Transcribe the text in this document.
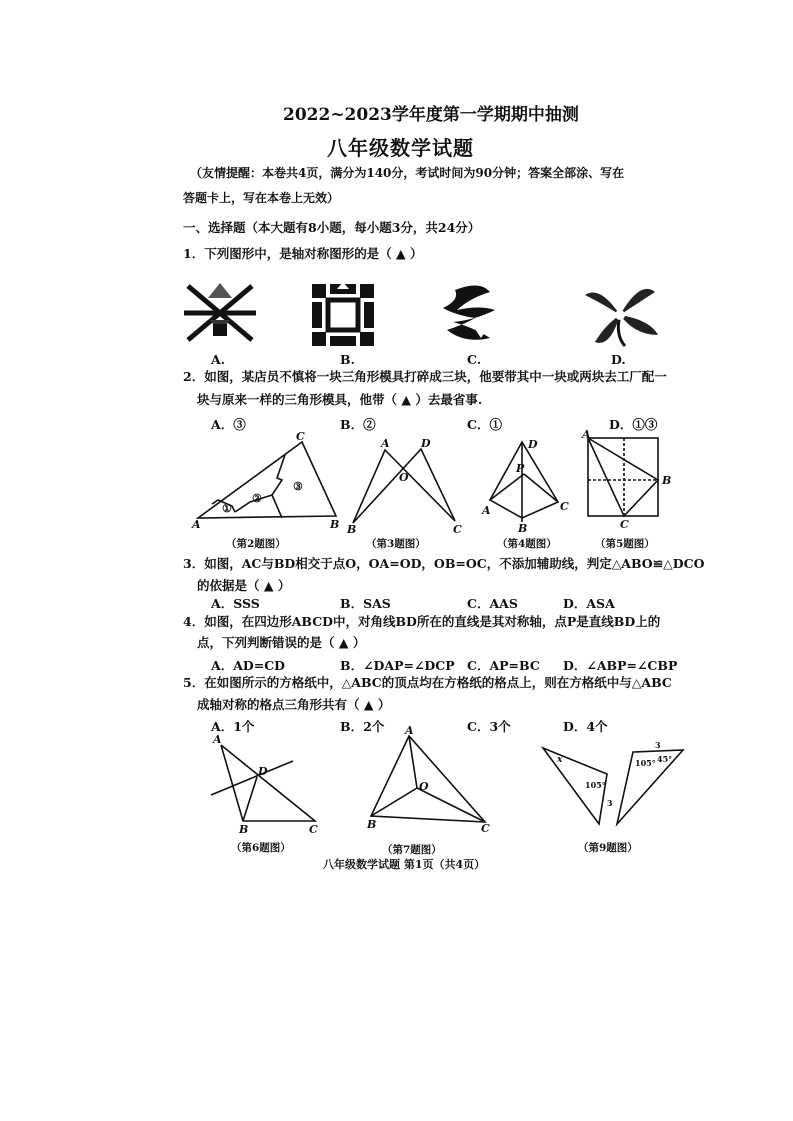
2022~2023学年度第一学期期中抽测
八年级数学试题
（友情提醒：本卷共4页，满分为140分，考试时间为90分钟；答案全部涂、写在
答题卡上，写在本卷上无效）
一、选择题（本大题有8小题，每小题3分，共24分）
1．下列图形中，是轴对称图形的是（ ▲ ）
A.	B.	C.	D.
2．如图，某店员不慎将一块三角形模具打碎成三块，他要带其中一块或两块去工厂配一
块与原来一样的三角形模具，他带（ ▲ ）去最省事.
A．③	B．②	C．①	D．①③
C
A	B
①
②
③
A	D
O
B	C
D
P
A	C
B
A
B
C
（第2题图）	（第3题图）	（第4题图）	（第5题图）
3．如图，AC与BD相交于点O，OA=OD，OB=OC，不添加辅助线，判定△ABO≌△DCO
的依据是（ ▲ ）
A．SSS	B．SAS	C．AAS	D．ASA
4．如图，在四边形ABCD中，对角线BD所在的直线是其对称轴，点P是直线BD上的
点，下列判断错误的是（ ▲ ）
A．AD=CD	B．∠DAP=∠DCP C．AP=BC D．∠ABP=∠CBP
5．在如图所示的方格纸中，△ABC的顶点均在方格纸的格点上，则在方格纸中与△ABC
成轴对称的格点三角形共有（ ▲ ）
A．1个	B．2个	C．3个	D．4个
A
D
B	C
A
O
B	C
x
105°
3
3
105° 45°
（第6题图）	（第7题图）	（第9题图）
八年级数学试题 第1页（共4页）
